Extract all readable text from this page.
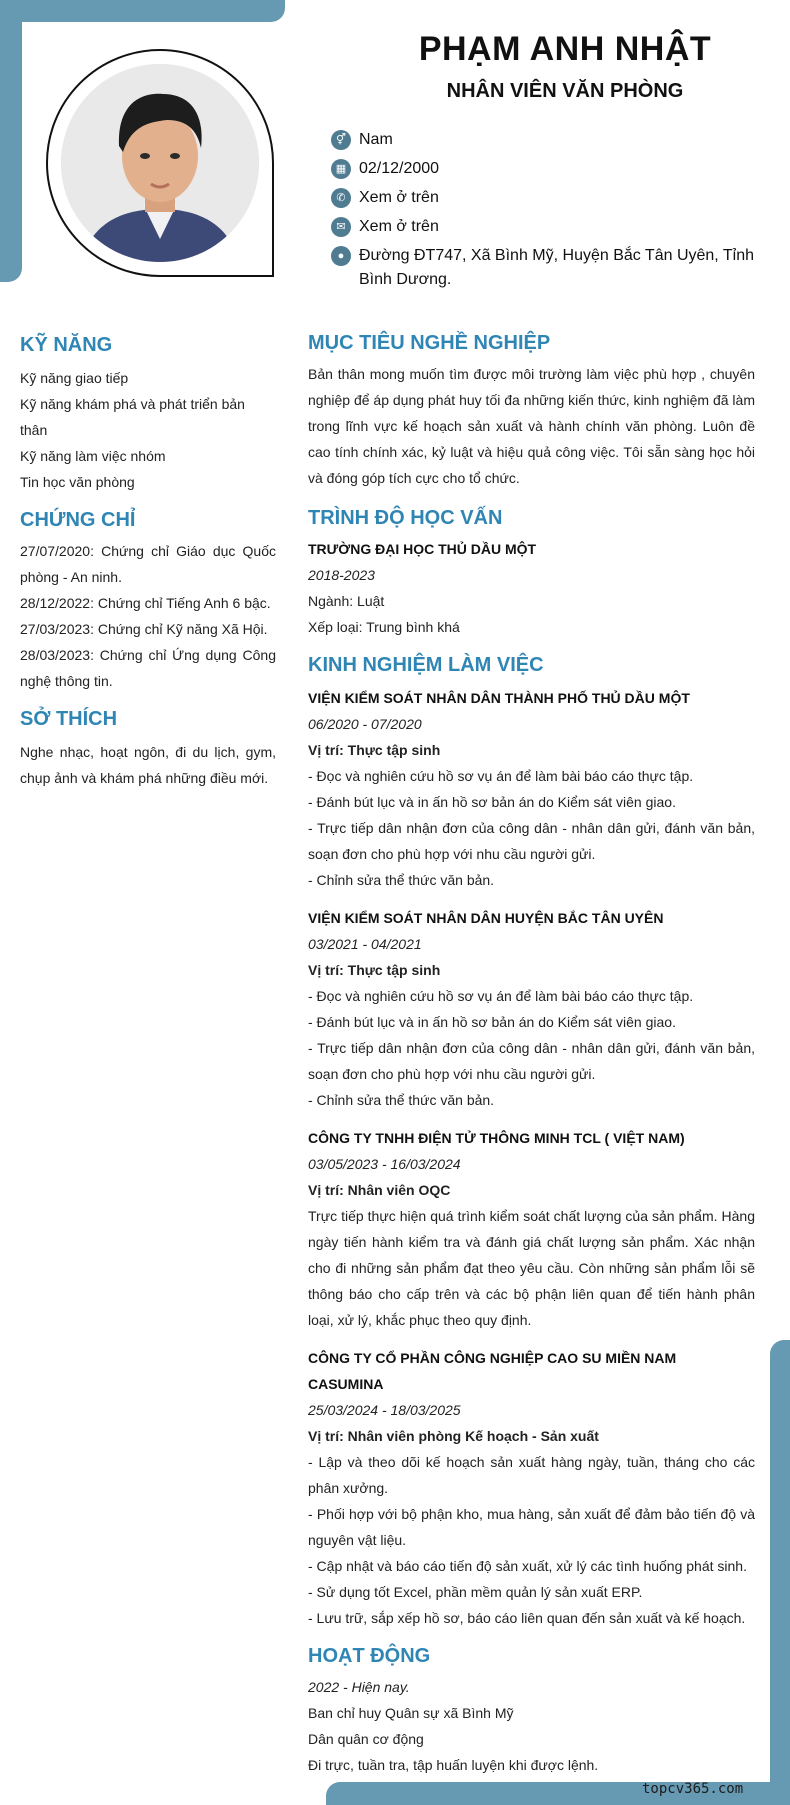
PHẠM ANH NHẬT
NHÂN VIÊN VĂN PHÒNG
⚥ Nam
▦ 02/12/2000
✆ Xem ở trên
✉ Xem ở trên
● Đường ĐT747, Xã Bình Mỹ, Huyện Bắc Tân Uyên, Tỉnh Bình Dương.
KỸ NĂNG

Kỹ năng giao tiếp

Kỹ năng khám phá và phát triển bản thân

Kỹ năng làm việc nhóm

Tin học văn phòng

CHỨNG CHỈ

27/07/2020: Chứng chỉ Giáo dục Quốc phòng - An ninh.

28/12/2022: Chứng chỉ Tiếng Anh 6 bậc.

27/03/2023: Chứng chỉ Kỹ năng Xã Hội.

28/03/2023: Chứng chỉ Ứng dụng Công nghệ thông tin.

SỞ THÍCH

Nghe nhạc, hoạt ngôn, đi du lịch, gym, chụp ảnh và khám phá những điều mới.

MỤC TIÊU NGHỀ NGHIỆP

Bản thân mong muốn tìm được môi trường làm việc phù hợp , chuyên nghiệp để áp dụng phát huy tối đa những kiến thức, kinh nghiệm đã làm trong lĩnh vực kế hoạch sản xuất và hành chính văn phòng. Luôn đề cao tính chính xác, kỷ luật và hiệu quả công việc. Tôi sẵn sàng học hỏi và đóng góp tích cực cho tổ chức.

TRÌNH ĐỘ HỌC VẤN

TRƯỜNG ĐẠI HỌC THỦ DẦU MỘT

2018-2023

Ngành: Luật

Xếp loại: Trung bình khá

KINH NGHIỆM LÀM VIỆC

VIỆN KIỂM SOÁT NHÂN DÂN THÀNH PHỐ THỦ DẦU MỘT

06/2020 - 07/2020

Vị trí: Thực tập sinh

- Đọc và nghiên cứu hồ sơ vụ án để làm bài báo cáo thực tập.

- Đánh bút lục và in ấn hồ sơ bản án do Kiểm sát viên giao.

- Trực tiếp dân nhận đơn của công dân - nhân dân gửi, đánh văn bản, soạn đơn cho phù hợp với nhu cầu người gửi.

- Chỉnh sửa thể thức văn bản.

VIỆN KIỂM SOÁT NHÂN DÂN HUYỆN BẮC TÂN UYÊN

03/2021 - 04/2021

Vị trí: Thực tập sinh

- Đọc và nghiên cứu hồ sơ vụ án để làm bài báo cáo thực tập.

- Đánh bút lục và in ấn hồ sơ bản án do Kiểm sát viên giao.

- Trực tiếp dân nhận đơn của công dân - nhân dân gửi, đánh văn bản, soạn đơn cho phù hợp với nhu cầu người gửi.

- Chỉnh sửa thể thức văn bản.

CÔNG TY TNHH ĐIỆN TỬ THÔNG MINH TCL ( VIỆT NAM)

03/05/2023 - 16/03/2024

Vị trí: Nhân viên OQC

Trực tiếp thực hiện quá trình kiểm soát chất lượng của sản phẩm. Hàng ngày tiến hành kiểm tra và đánh giá chất lượng sản phẩm. Xác nhận cho đi những sản phẩm đạt theo yêu cầu. Còn những sản phẩm lỗi sẽ thông báo cho cấp trên và các bộ phận liên quan để tiến hành phân loại, xử lý, khắc phục theo quy định.

CÔNG TY CỔ PHẦN CÔNG NGHIỆP CAO SU MIỀN NAM CASUMINA

25/03/2024 - 18/03/2025

Vị trí: Nhân viên phòng Kế hoạch - Sản xuất

- Lập và theo dõi kế hoạch sản xuất hàng ngày, tuần, tháng cho các phân xưởng.

- Phối hợp với bộ phận kho, mua hàng, sản xuất để đảm bảo tiến độ và nguyên vật liệu.

- Cập nhật và báo cáo tiến độ sản xuất, xử lý các tình huống phát sinh.

- Sử dụng tốt Excel, phần mềm quản lý sản xuất ERP.

- Lưu trữ, sắp xếp hồ sơ, báo cáo liên quan đến sản xuất và kế hoạch.

HOẠT ĐỘNG

2022 - Hiện nay.

Ban chỉ huy Quân sự xã Bình Mỹ

Dân quân cơ động

Đi trực, tuần tra, tập huấn luyện khi được lệnh.

topcv365.com
